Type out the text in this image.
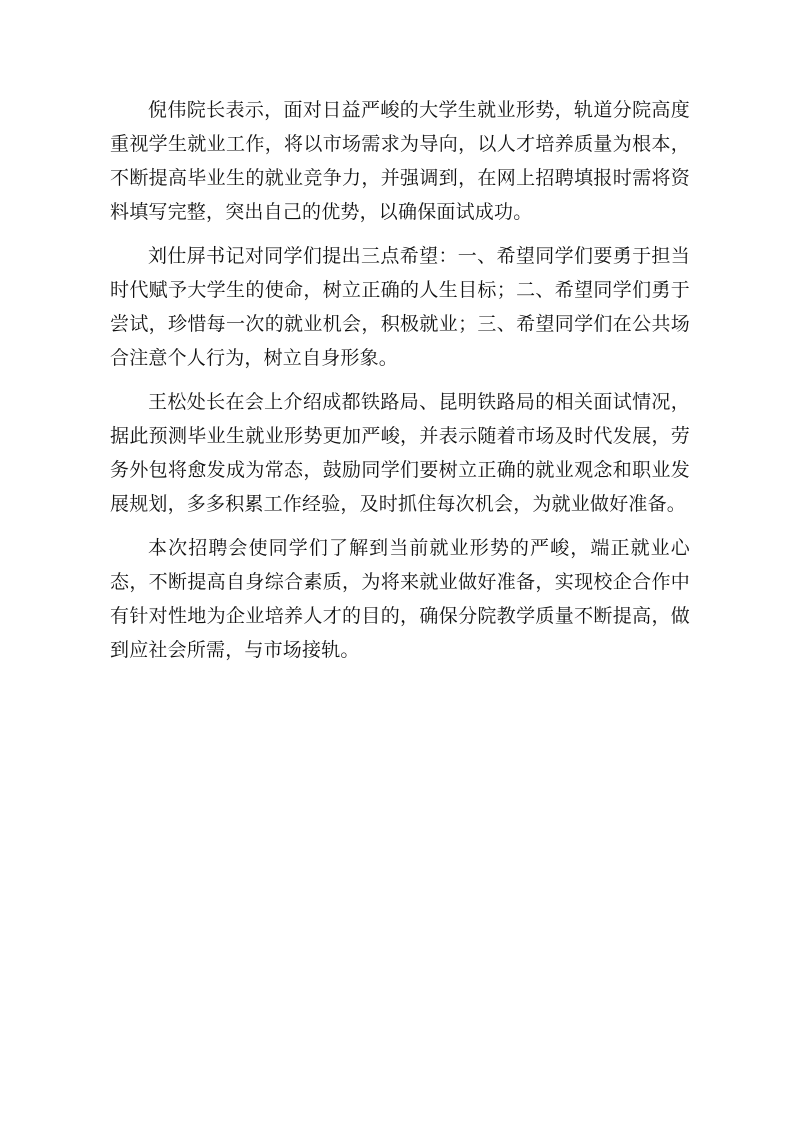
倪伟院长表示，面对日益严峻的大学生就业形势，轨道分院高度重视学生就业工作，将以市场需求为导向，以人才培养质量为根本，不断提高毕业生的就业竞争力，并强调到，在网上招聘填报时需将资料填写完整，突出自己的优势，以确保面试成功。

刘仕屏书记对同学们提出三点希望：一、希望同学们要勇于担当时代赋予大学生的使命，树立正确的人生目标；二、希望同学们勇于尝试，珍惜每一次的就业机会，积极就业；三、希望同学们在公共场合注意个人行为，树立自身形象。

王松处长在会上介绍成都铁路局、昆明铁路局的相关面试情况，据此预测毕业生就业形势更加严峻，并表示随着市场及时代发展，劳务外包将愈发成为常态，鼓励同学们要树立正确的就业观念和职业发展规划，多多积累工作经验，及时抓住每次机会，为就业做好准备。

本次招聘会使同学们了解到当前就业形势的严峻，端正就业心态，不断提高自身综合素质，为将来就业做好准备，实现校企合作中有针对性地为企业培养人才的目的，确保分院教学质量不断提高，做到应社会所需，与市场接轨。
